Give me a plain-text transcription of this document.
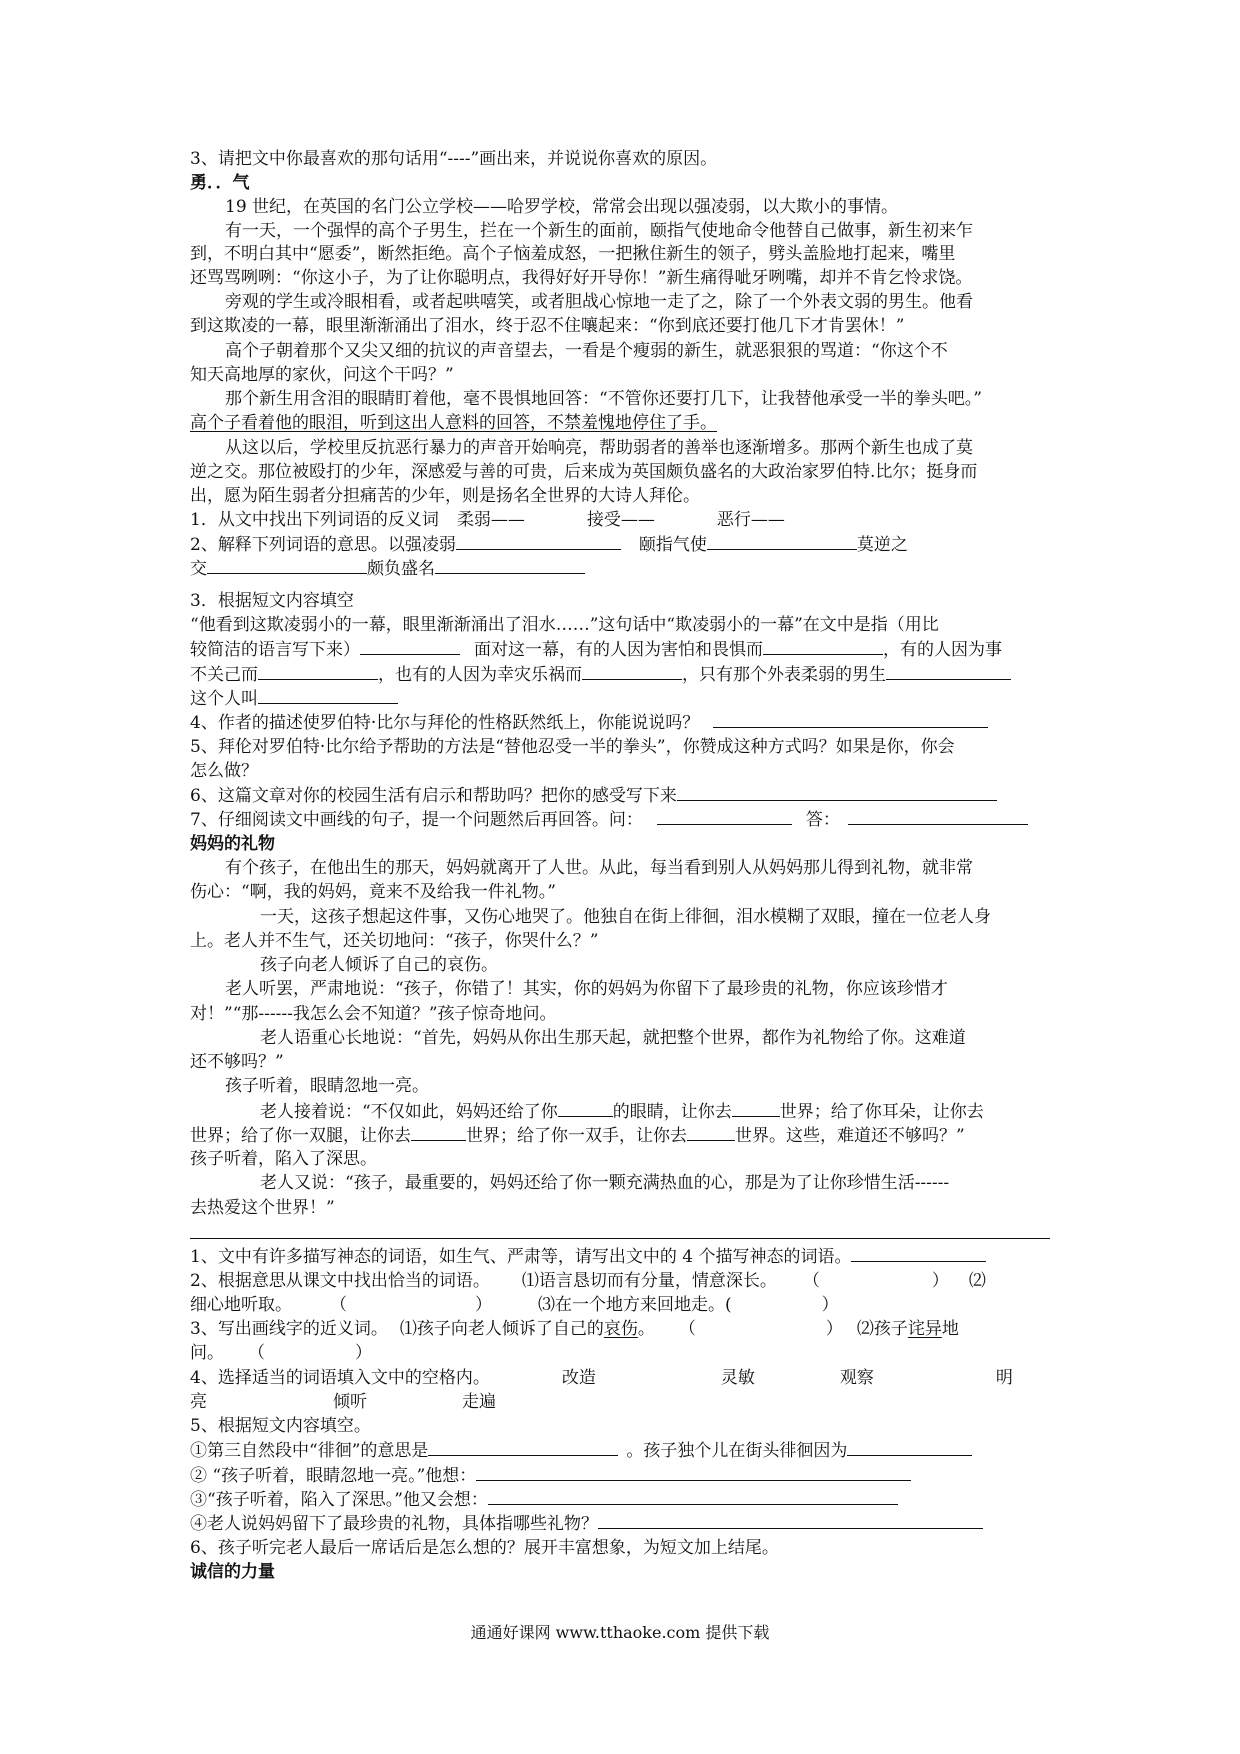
3、请把文中你最喜欢的那句话用“----”画出来，并说说你喜欢的原因。
勇．．气
19 世纪，在英国的名门公立学校——哈罗学校，常常会出现以强凌弱，以大欺小的事情。
有一天，一个强悍的高个子男生，拦在一个新生的面前，颐指气使地命令他替自己做事，新生初来乍
到，不明白其中“愿委”，断然拒绝。高个子恼羞成怒，一把揪住新生的领子，劈头盖脸地打起来，嘴里
还骂骂咧咧：“你这小子，为了让你聪明点，我得好好开导你！”新生痛得呲牙咧嘴，却并不肯乞怜求饶。
旁观的学生或冷眼相看，或者起哄嘻笑，或者胆战心惊地一走了之，除了一个外表文弱的男生。他看
到这欺凌的一幕，眼里渐渐涌出了泪水，终于忍不住嚷起来：“你到底还要打他几下才肯罢休！”
高个子朝着那个又尖又细的抗议的声音望去，一看是个瘦弱的新生，就恶狠狠的骂道：“你这个不
知天高地厚的家伙，问这个干吗？”
那个新生用含泪的眼睛盯着他，毫不畏惧地回答：“不管你还要打几下，让我替他承受一半的拳头吧。”
高个子看着他的眼泪，听到这出人意料的回答，不禁羞愧地停住了手。
从这以后，学校里反抗恶行暴力的声音开始响亮，帮助弱者的善举也逐渐增多。那两个新生也成了莫
逆之交。那位被殴打的少年，深感爱与善的可贵，后来成为英国颇负盛名的大政治家罗伯特.比尔；挺身而
出，愿为陌生弱者分担痛苦的少年，则是扬名全世界的大诗人拜伦。
1．从文中找出下列词语的反义词 柔弱——	接受——	恶行——
2、解释下列词语的意思。以强凌弱	颐指气使	莫逆之
交	颇负盛名
3．根据短文内容填空
“他看到这欺凌弱小的一幕，眼里渐渐涌出了泪水……”这句话中“欺凌弱小的一幕”在文中是指（用比
较简洁的语言写下来）	面对这一幕，有的人因为害怕和畏惧而	，有的人因为事
不关己而	，也有的人因为幸灾乐祸而	，只有那个外表柔弱的男生
这个人叫
4、作者的描述使罗伯特·比尔与拜伦的性格跃然纸上，你能说说吗？
5、拜伦对罗伯特·比尔给予帮助的方法是“替他忍受一半的拳头”，你赞成这种方式吗？如果是你，你会
怎么做？
6、这篇文章对你的校园生活有启示和帮助吗？把你的感受写下来
7、仔细阅读文中画线的句子，提一个问题然后再回答。问：	答：
妈妈的礼物
有个孩子，在他出生的那天，妈妈就离开了人世。从此，每当看到别人从妈妈那儿得到礼物，就非常
伤心：“啊，我的妈妈，竟来不及给我一件礼物。”
一天，这孩子想起这件事，又伤心地哭了。他独自在街上徘徊，泪水模糊了双眼，撞在一位老人身
上。老人并不生气，还关切地问：“孩子，你哭什么？”
孩子向老人倾诉了自己的哀伤。
老人听罢，严肃地说：“孩子，你错了！其实，你的妈妈为你留下了最珍贵的礼物，你应该珍惜才
对！”“那------我怎么会不知道？”孩子惊奇地问。
老人语重心长地说：“首先，妈妈从你出生那天起，就把整个世界，都作为礼物给了你。这难道
还不够吗？”
孩子听着，眼睛忽地一亮。
老人接着说：“不仅如此，妈妈还给了你	的眼睛，让你去	世界；给了你耳朵，让你去
世界；给了你一双腿，让你去	世界；给了你一双手，让你去	世界。这些，难道还不够吗？”
孩子听着，陷入了深思。
老人又说：“孩子，最重要的，妈妈还给了你一颗充满热血的心，那是为了让你珍惜生活------
去热爱这个世界！”
1、文中有许多描写神态的词语，如生气、严肃等，请写出文中的 4 个描写神态的词语。
2、根据意思从课文中找出恰当的词语。 ⑴语言恳切而有分量，情意深长。 （	） ⑵
细心地听取。 （	）	⑶在一个地方来回地走。(	）
3、写出画线字的近义词。 ⑴孩子向老人倾诉了自己的哀伤。 （	） ⑵孩子诧异地
问。 （	）
4、选择适当的词语填入文中的空格内。	改造	灵敏	观察	明
亮	倾听	走遍
5、根据短文内容填空。
①第三自然段中“徘徊”的意思是	。孩子独个儿在街头徘徊因为
② “孩子听着，眼睛忽地一亮。”他想：
③“孩子听着，陷入了深思。”他又会想：
④老人说妈妈留下了最珍贵的礼物，具体指哪些礼物？
6、孩子听完老人最后一席话后是怎么想的？展开丰富想象，为短文加上结尾。
诚信的力量
通通好课网 www.tthaoke.com 提供下载
